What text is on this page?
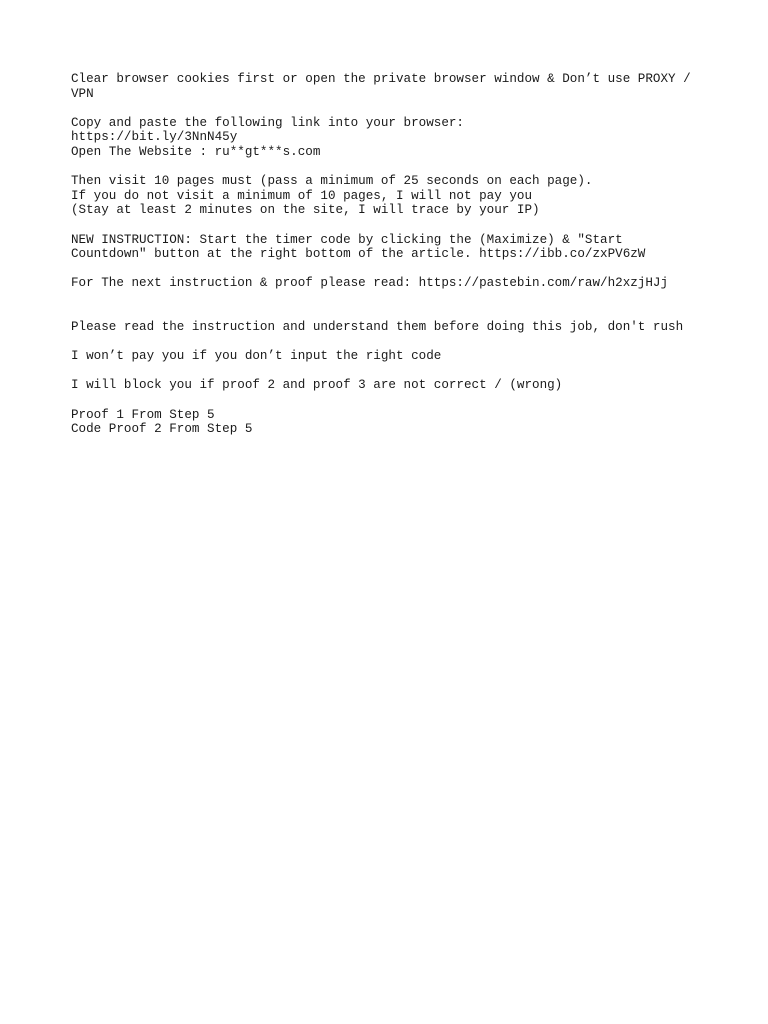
Clear browser cookies first or open the private browser window & Don’t use PROXY /
VPN
Copy and paste the following link into your browser:
https://bit.ly/3NnN45y
Open The Website : ru**gt***s.com
Then visit 10 pages must (pass a minimum of 25 seconds on each page).
If you do not visit a minimum of 10 pages, I will not pay you
(Stay at least 2 minutes on the site, I will trace by your IP)
NEW INSTRUCTION: Start the timer code by clicking the (Maximize) & "Start
Countdown" button at the right bottom of the article. https://ibb.co/zxPV6zW
For The next instruction & proof please read: https://pastebin.com/raw/h2xzjHJj
Please read the instruction and understand them before doing this job, don't rush
I won’t pay you if you don’t input the right code
I will block you if proof 2 and proof 3 are not correct / (wrong)
Proof 1 From Step 5
Code Proof 2 From Step 5
